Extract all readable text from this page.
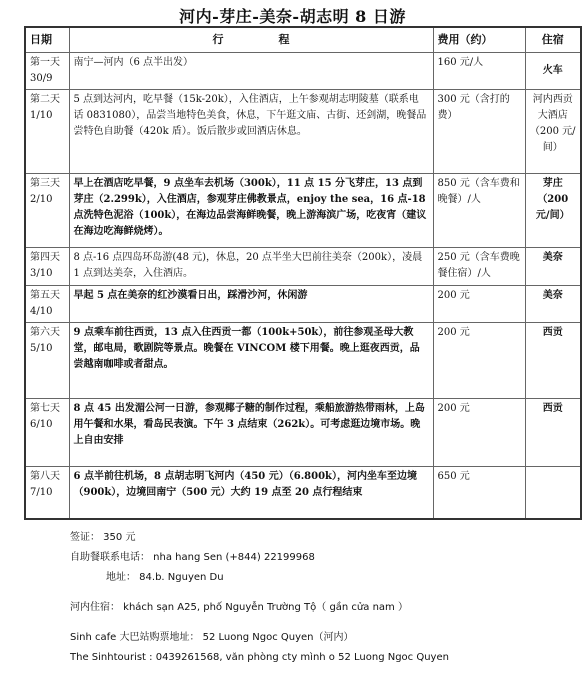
河内-芽庄-美奈-胡志明 8 日游
日期	行　　　　　程	费用（约）	住宿

第一天
30/9	南宁—河内（6 点半出发）	160 元/人	火车

第二天
1/10	5 点到达河内，吃早餐（15k-20k），入住酒店，上午参观胡志明陵墓（联系电话 0831080），品尝当地特色美食，休息，下午逛文庙、古街、还剑湖，晚餐品尝特色自助餐（420k 盾）。饭后散步或回酒店休息。	300 元（含打的费）	河内西贡大酒店（200 元/间）

第三天
2/10	早上在酒店吃早餐，9 点坐车去机场（300k），11 点 15 分飞芽庄，13 点到芽庄（2.299k），入住酒店，参观芽庄佛教景点，enjoy the sea，16 点-18 点洗特色泥浴（100k），在海边品尝海鲜晚餐，晚上游海滨广场，吃夜宵（建议在海边吃海鲜烧烤）。	850 元（含车费和晚餐）/人	芽庄（200 元/间）

第四天
3/10	8 点-16 点四岛环岛游(48 元)，休息，20 点半坐大巴前往美奈（200k），凌晨 1 点到达美奈，入住酒店。	250 元（含车费晚餐住宿）/人	美奈

第五天
4/10	早起 5 点在美奈的红沙漠看日出，踩滑沙河，休闲游	200 元	美奈

第六天
5/10	9 点乘车前往西贡，13 点入住西贡一都（100k+50k），前往参观圣母大教堂，邮电局，歌剧院等景点。晚餐在 VINCOM 楼下用餐。晚上逛夜西贡，品尝越南咖啡或者甜点。	200 元	西贡

第七天
6/10	8 点 45 出发湄公河一日游，参观椰子糖的制作过程，乘船旅游热带雨林，上岛用午餐和水果，看岛民表演。下午 3 点结束（262k）。可考虑逛边境市场。晚上自由安排	200 元	西贡

第八天
7/10	6 点半前往机场，8 点胡志明飞河内（450 元）（6.800k），河内坐车至边境（900k），边境回南宁（500 元）大约 19 点至 20 点行程结束	650 元	
签证： 350 元
自助餐联系电话： nha hang Sen (+844) 22199968
地址： 84.b. Nguyen Du
河内住宿： khách sạn A25, phố Nguyễn Trường Tộ（ gần cửa nam ）
Sinh cafe 大巴站购票地址： 52 Luong Ngoc Quyen（河内）
The Sinhtourist : 0439261568, văn phòng cty mình o 52 Luong Ngoc Quyen
